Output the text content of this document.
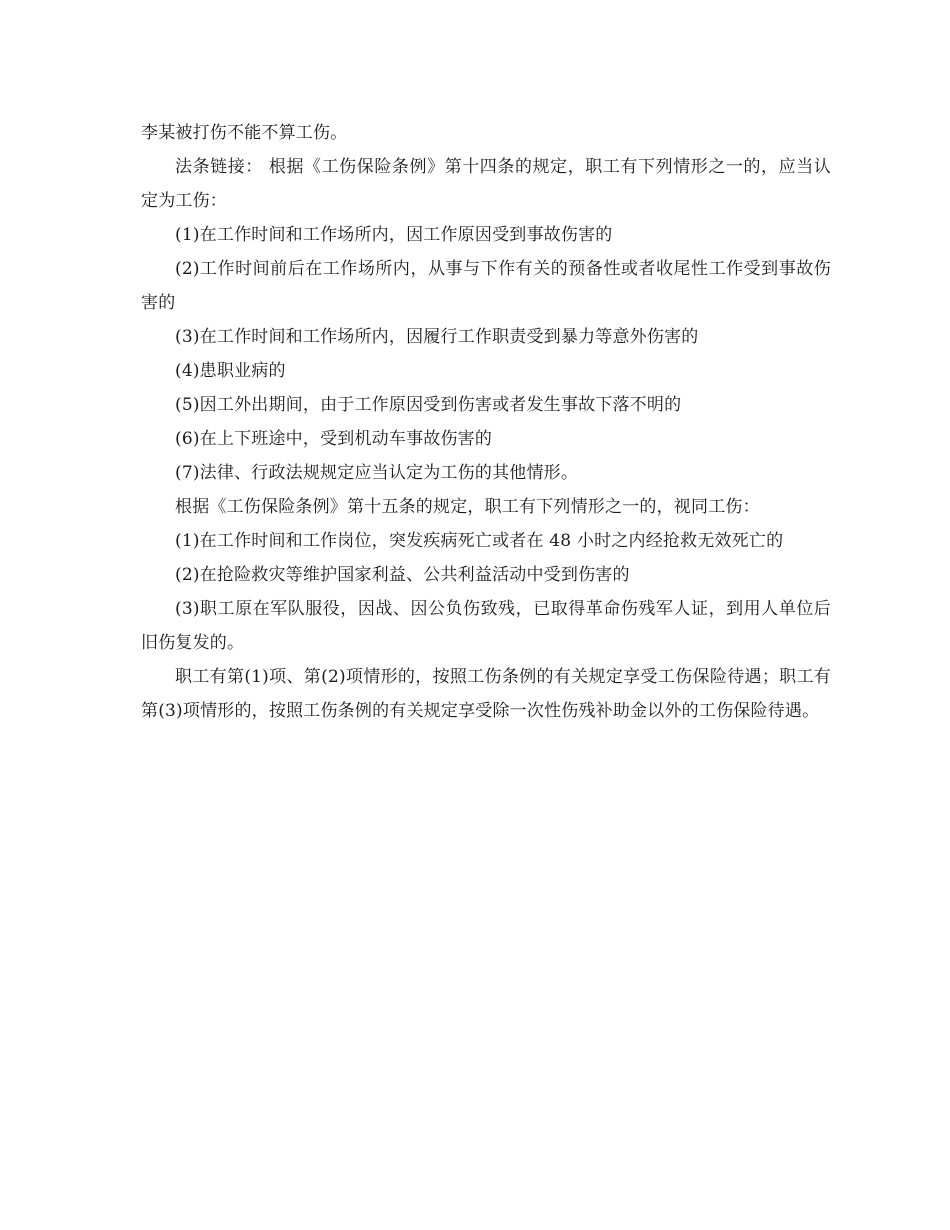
李某被打伤不能不算工伤。

法条链接： 根据《工伤保险条例》第十四条的规定，职工有下列情形之一的，应当认定为工伤：

(1)在工作时间和工作场所内，因工作原因受到事故伤害的

(2)工作时间前后在工作场所内，从事与下作有关的预备性或者收尾性工作受到事故伤害的

(3)在工作时间和工作场所内，因履行工作职责受到暴力等意外伤害的

(4)患职业病的

(5)因工外出期间，由于工作原因受到伤害或者发生事故下落不明的

(6)在上下班途中，受到机动车事故伤害的

(7)法律、行政法规规定应当认定为工伤的其他情形。

根据《工伤保险条例》第十五条的规定，职工有下列情形之一的，视同工伤：

(1)在工作时间和工作岗位，突发疾病死亡或者在 48 小时之内经抢救无效死亡的

(2)在抢险救灾等维护国家利益、公共利益活动中受到伤害的

(3)职工原在军队服役，因战、因公负伤致残，已取得革命伤残军人证，到用人单位后旧伤复发的。

职工有第(1)项、第(2)项情形的，按照工伤条例的有关规定享受工伤保险待遇；职工有第(3)项情形的，按照工伤条例的有关规定享受除一次性伤残补助金以外的工伤保险待遇。
